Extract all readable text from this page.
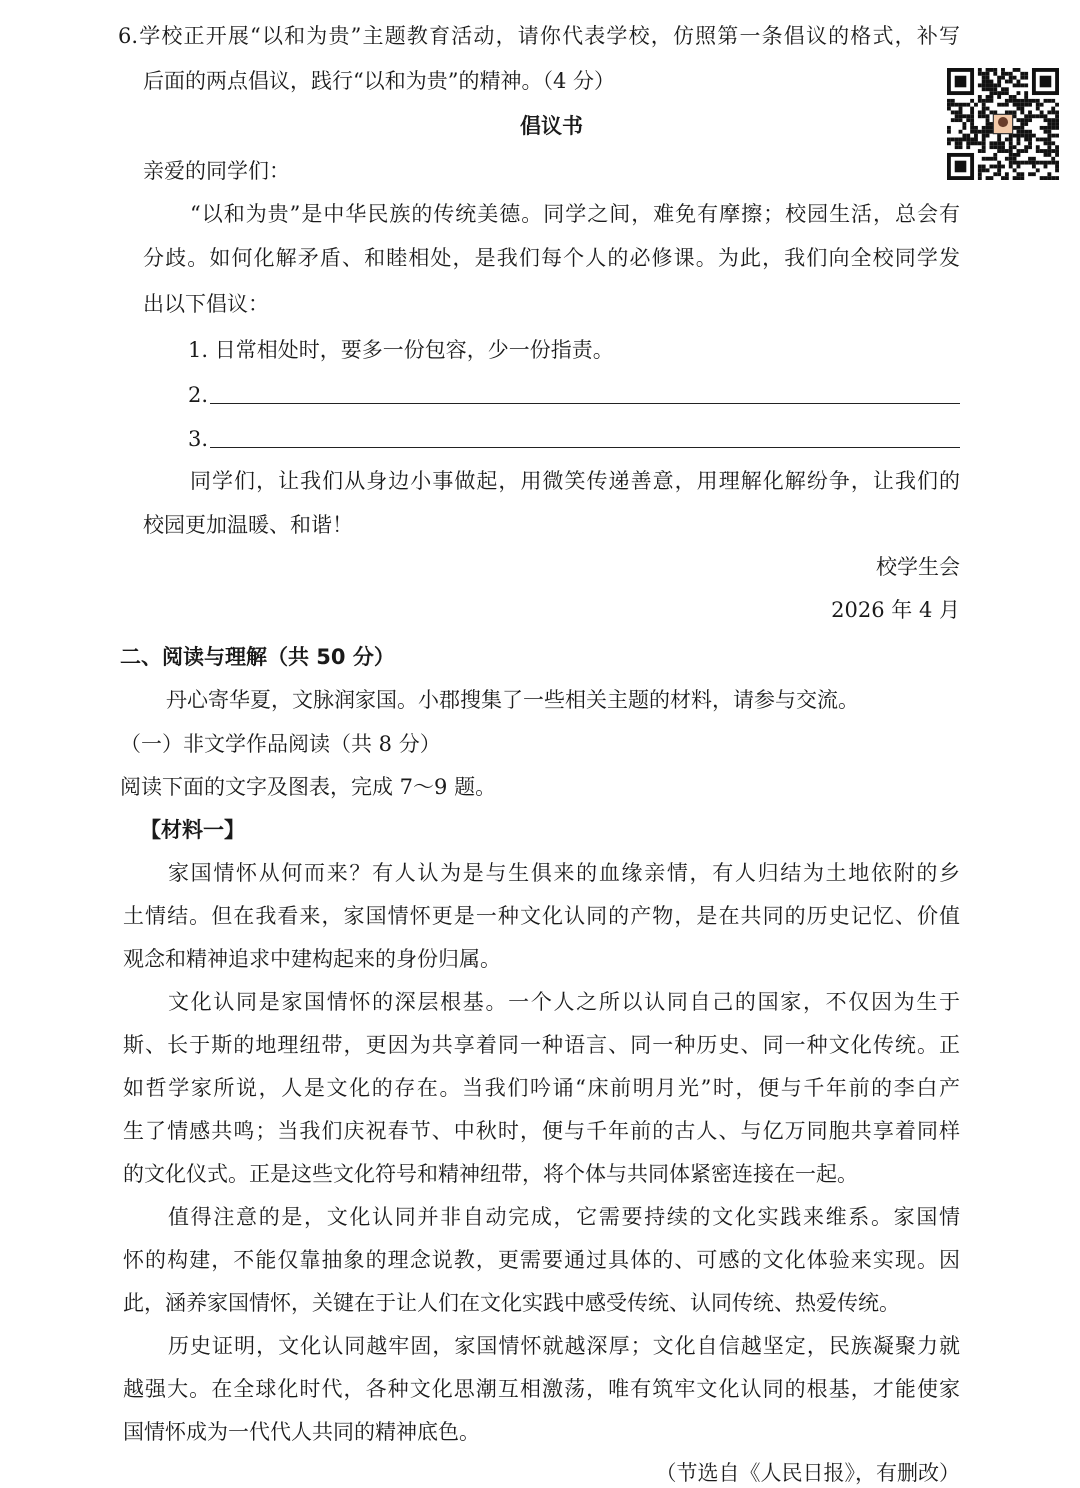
6.学校正开展“以和为贵”主题教育活动，请你代表学校，仿照第一条倡议的格式，补写
后面的两点倡议，践行“以和为贵”的精神。（4 分）
倡议书
亲爱的同学们：
“以和为贵”是中华民族的传统美德。同学之间，难免有摩擦；校园生活，总会有
分歧。如何化解矛盾、和睦相处，是我们每个人的必修课。为此，我们向全校同学发
出以下倡议：
1. 日常相处时，要多一份包容，少一份指责。
2.
3.
同学们，让我们从身边小事做起，用微笑传递善意，用理解化解纷争，让我们的
校园更加温暖、和谐！
校学生会
2026 年 4 月
二、阅读与理解（共 50 分）
丹心寄华夏，文脉润家国。小郡搜集了一些相关主题的材料，请参与交流。
（一）非文学作品阅读（共 8 分）
阅读下面的文字及图表，完成 7～9 题。
【材料一】
家国情怀从何而来？有人认为是与生俱来的血缘亲情，有人归结为土地依附的乡
土情结。但在我看来，家国情怀更是一种文化认同的产物，是在共同的历史记忆、价值
观念和精神追求中建构起来的身份归属。
文化认同是家国情怀的深层根基。一个人之所以认同自己的国家，不仅因为生于
斯、长于斯的地理纽带，更因为共享着同一种语言、同一种历史、同一种文化传统。正
如哲学家所说，人是文化的存在。当我们吟诵“床前明月光”时，便与千年前的李白产
生了情感共鸣；当我们庆祝春节、中秋时，便与千年前的古人、与亿万同胞共享着同样
的文化仪式。正是这些文化符号和精神纽带，将个体与共同体紧密连接在一起。
值得注意的是，文化认同并非自动完成，它需要持续的文化实践来维系。家国情
怀的构建，不能仅靠抽象的理念说教，更需要通过具体的、可感的文化体验来实现。因
此，涵养家国情怀，关键在于让人们在文化实践中感受传统、认同传统、热爱传统。
历史证明，文化认同越牢固，家国情怀就越深厚；文化自信越坚定，民族凝聚力就
越强大。在全球化时代，各种文化思潮互相激荡，唯有筑牢文化认同的根基，才能使家
国情怀成为一代代人共同的精神底色。
（节选自《人民日报》，有删改）
